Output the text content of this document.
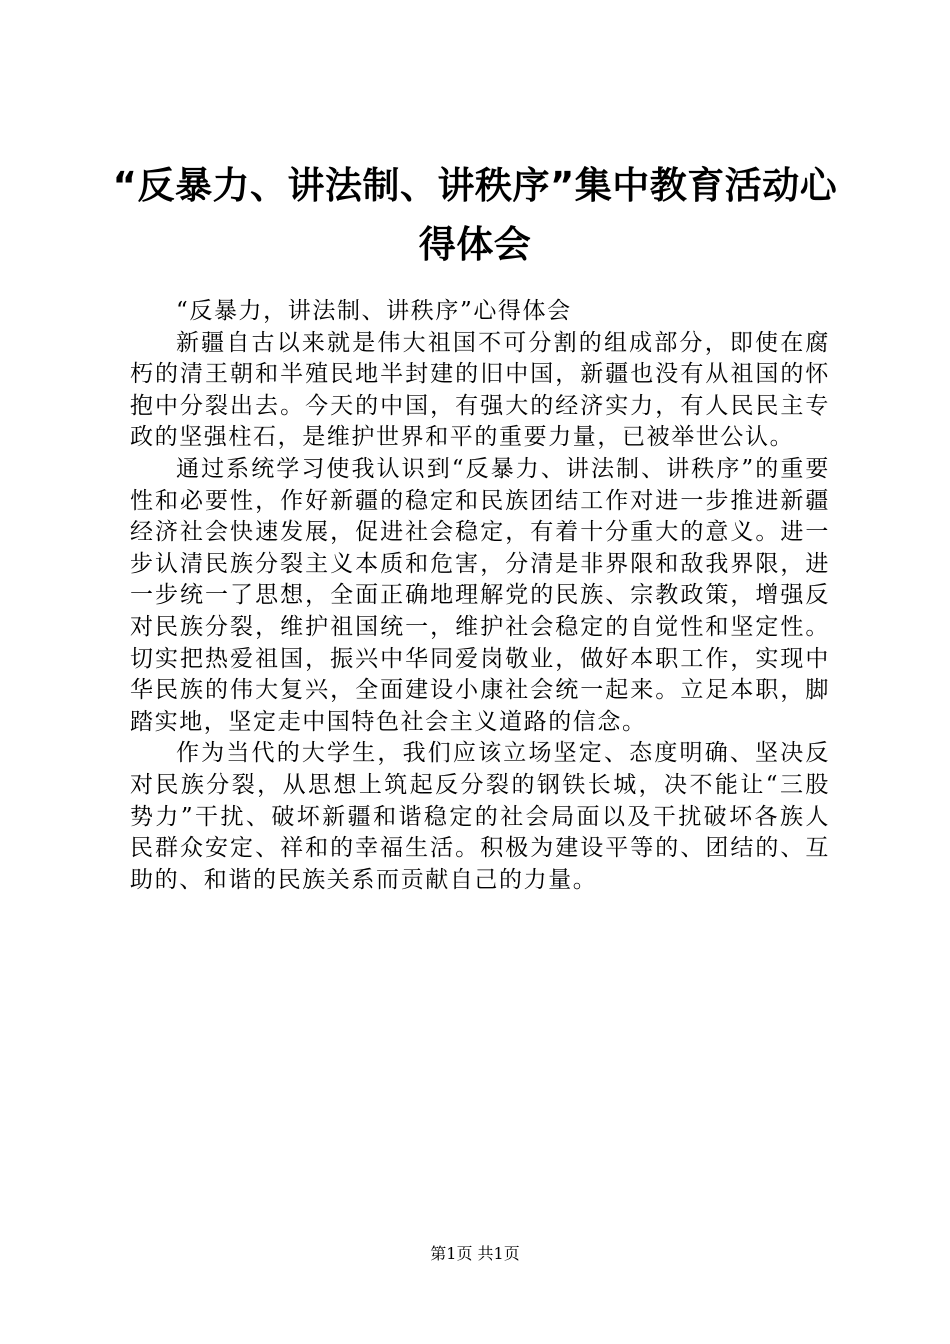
“反暴力、讲法制、讲秩序”集中教育活动心得体会

“反暴力，讲法制、讲秩序”心得体会

新疆自古以来就是伟大祖国不可分割的组成部分，即使在腐朽的清王朝和半殖民地半封建的旧中国，新疆也没有从祖国的怀抱中分裂出去。今天的中国，有强大的经济实力，有人民民主专政的坚强柱石，是维护世界和平的重要力量，已被举世公认。

通过系统学习使我认识到“反暴力、讲法制、讲秩序”的重要性和必要性，作好新疆的稳定和民族团结工作对进一步推进新疆经济社会快速发展，促进社会稳定，有着十分重大的意义。进一步认清民族分裂主义本质和危害，分清是非界限和敌我界限，进一步统一了思想，全面正确地理解党的民族、宗教政策，增强反对民族分裂，维护祖国统一，维护社会稳定的自觉性和坚定性。切实把热爱祖国，振兴中华同爱岗敬业，做好本职工作，实现中华民族的伟大复兴，全面建设小康社会统一起来。立足本职，脚踏实地，坚定走中国特色社会主义道路的信念。

作为当代的大学生，我们应该立场坚定、态度明确、坚决反对民族分裂，从思想上筑起反分裂的钢铁长城，决不能让“三股势力”干扰、破坏新疆和谐稳定的社会局面以及干扰破坏各族人民群众安定、祥和的幸福生活。积极为建设平等的、团结的、互助的、和谐的民族关系而贡献自己的力量。

第1页 共1页
